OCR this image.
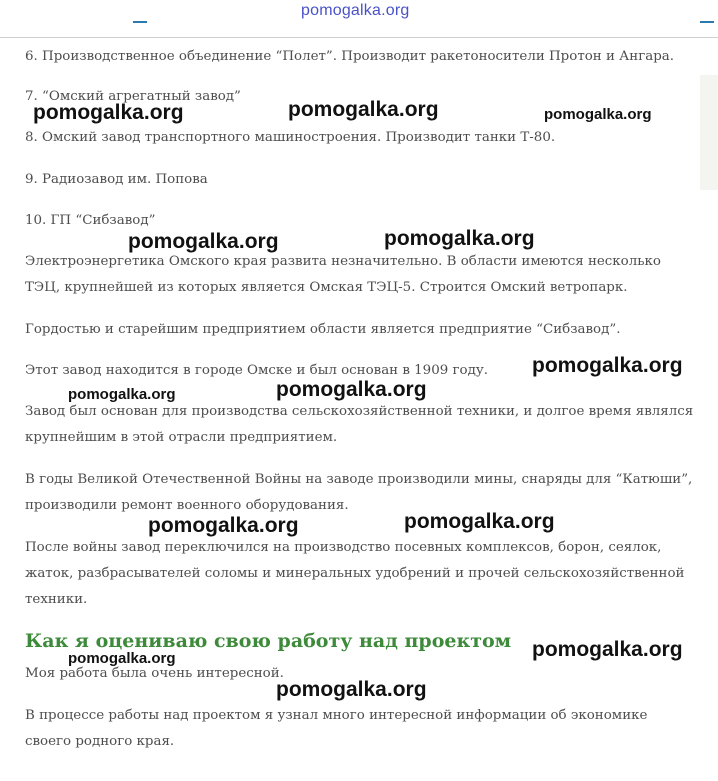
pomogalka.org

6. Производственное объединение “Полет”. Производит ракетоносители Протон и Ангара.

7. “Омский агрегатный завод”

8. Омский завод транспортного машиностроения. Производит танки Т-80.

9. Радиозавод им. Попова

10. ГП “Сибзавод”

Электроэнергетика Омского края развита незначительно. В области имеются несколько ТЭЦ, крупнейшей из которых является Омская ТЭЦ-5. Строится Омский ветропарк.

Гордостью и старейшим предприятием области является предприятие “Сибзавод”.

Этот завод находится в городе Омске и был основан в 1909 году.

Завод был основан для производства сельскохозяйственной техники, и долгое время являлся крупнейшим в этой отрасли предприятием.

В годы Великой Отечественной Войны на заводе производили мины, снаряды для “Катюши”, производили ремонт военного оборудования.

После войны завод переключился на производство посевных комплексов, борон, сеялок, жаток, разбрасывателей соломы и минеральных удобрений и прочей сельскохозяйственной техники.

Как я оцениваю свою работу над проектом

Моя работа была очень интересной.

В процессе работы над проектом я узнал много интересной информации об экономике своего родного края.

pomogalka.org	pomogalka.org	pomogalka.org
pomogalka.org	pomogalka.org
pomogalka.org
pomogalka.org
pomogalka.org
pomogalka.org	pomogalka.org
pomogalka.org
pomogalka.org
pomogalka.org
